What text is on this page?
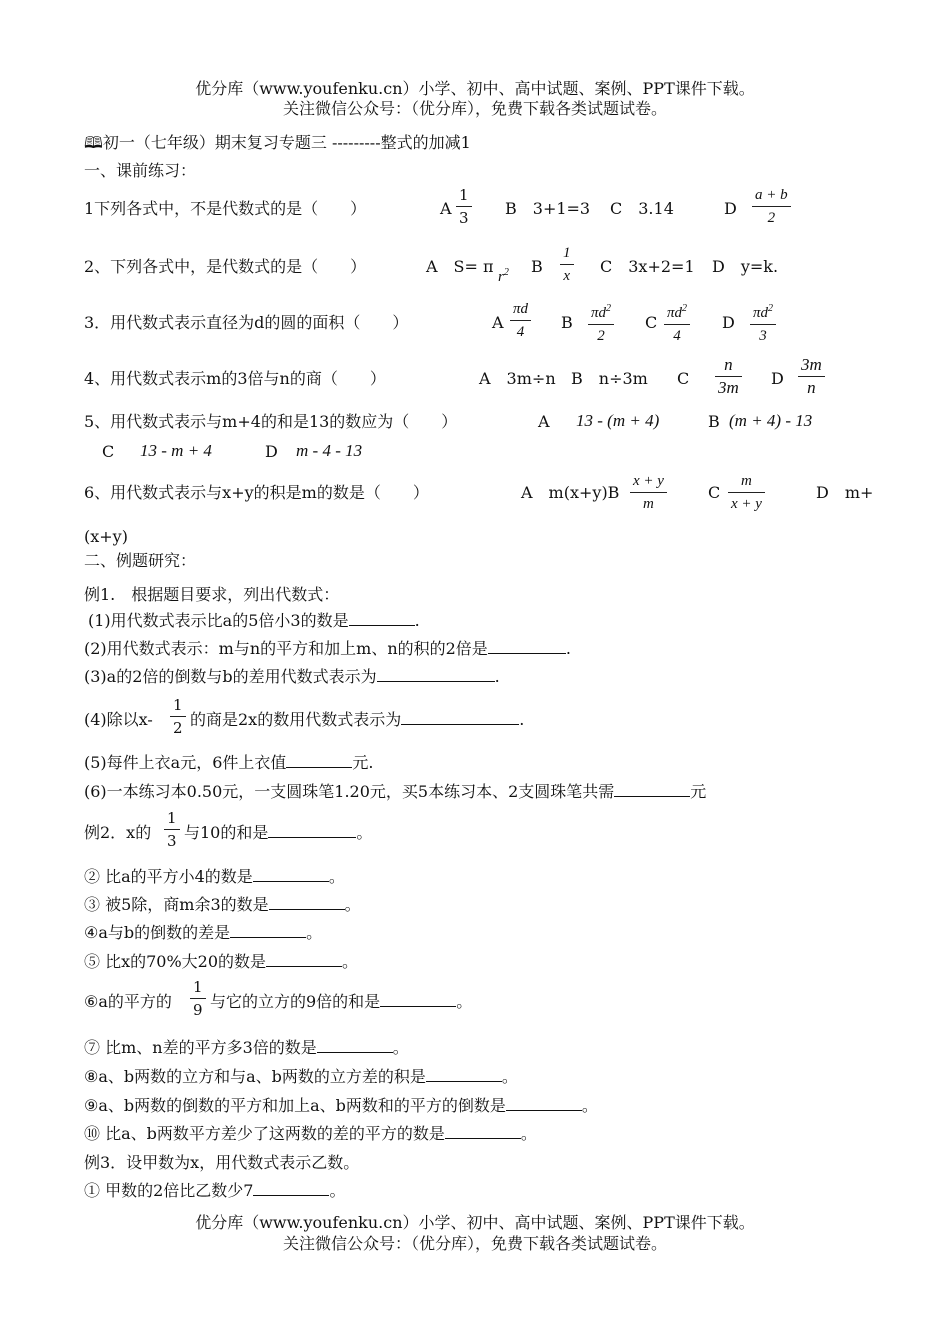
优分库（www.youfenku.cn）小学、初中、高中试题、案例、PPT课件下载。
关注微信公众号：（优分库），免费下载各类试题试卷。
🕮初一（七年级）期末复习专题三 ---------整式的加减1
一、课前练习：
1下列各式中，不是代数式的是（　　）	A
1
3 B　3+1=3 C　3.14	D
a + b
2
2、下列各式中，是代数式的是（　　）	A　S= π
$r^2$ B
1
x C　3x+2=1 D　y=k.
3．用代数式表示直径为d的圆的面积（　　）	A
πd
4	B $\pi d^2$
2
C $\pi d^2$
4
D $\pi d^2$
3
4、用代数式表示m的3倍与n的商（　　）	A　3m÷n B　n÷3m C
n
3m D
3m
n
5、用代数式表示与m+4的和是13的数应为（　　）	A 13 - (m + 4)	B (m + 4) - 13
C 13 - m + 4	D m - 4 - 13
6、用代数式表示与x+y的积是m的数是（　　）	A　m(x+y)B
x + y
m
C
m
x + y
D　m+
(x+y)
二、例题研究：
例1.　根据题目要求，列出代数式：
(1)用代数式表示比a的5倍小3的数是	.
(2)用代数式表示：m与n的平方和加上m、n的积的2倍是	.
(3)a的2倍的倒数与b的差用代数式表示为	.
(4)除以x-
1
2 的商是2x的数用代数式表示为	.
(5)每件上衣a元，6件上衣值	元.
(6)一本练习本0.50元，一支圆珠笔1.20元，买5本练习本、2支圆珠笔共需	元
例2．x的
1
3 与10的和是	。
② 比a的平方小4的数是	。
③ 被5除，商m余3的数是	。
④a与b的倒数的差是	。
⑤ 比x的70%大20的数是	。
⑥a的平方的
1
9 与它的立方的9倍的和是	。
⑦ 比m、n差的平方多3倍的数是	。
⑧a、b两数的立方和与a、b两数的立方差的积是	。
⑨a、b两数的倒数的平方和加上a、b两数和的平方的倒数是	。
⑩ 比a、b两数平方差少了这两数的差的平方的数是	。
例3．设甲数为x，用代数式表示乙数。
① 甲数的2倍比乙数少7	。
优分库（www.youfenku.cn）小学、初中、高中试题、案例、PPT课件下载。
关注微信公众号：（优分库），免费下载各类试题试卷。
